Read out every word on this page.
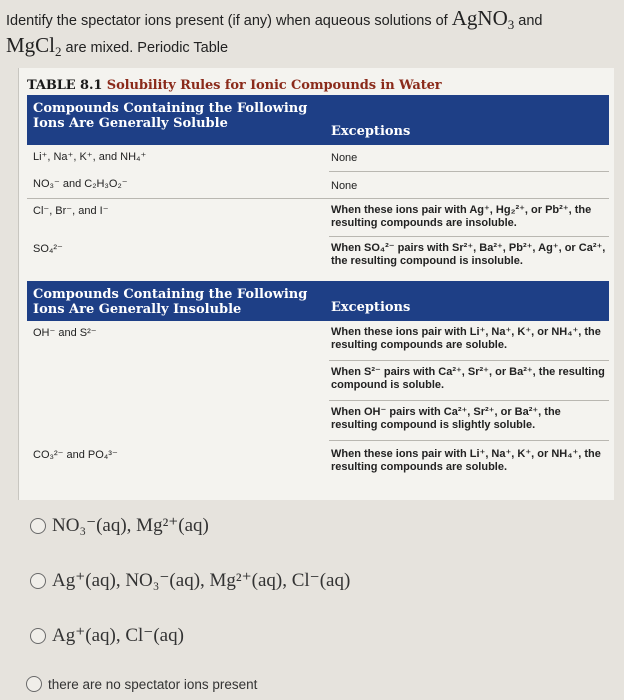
Identify the spectator ions present (if any) when aqueous solutions of AgNO$_3$ and
MgCl$_2$ are mixed. Periodic Table
TABLE 8.1 Solubility Rules for Ionic Compounds in Water
Compounds Containing the Following
Ions Are Generally Soluble
Exceptions
Li⁺, Na⁺, K⁺, and NH₄⁺	None
NO₃⁻ and C₂H₃O₂⁻	None
Cl⁻, Br⁻, and I⁻	When these ions pair with Ag⁺, Hg₂²⁺, or Pb²⁺, the resulting compounds are insoluble.
SO₄²⁻	When SO₄²⁻ pairs with Sr²⁺, Ba²⁺, Pb²⁺, Ag⁺, or Ca²⁺, the resulting compound is insoluble.
Compounds Containing the Following
Ions Are Generally Insoluble	Exceptions
OH⁻ and S²⁻	When these ions pair with Li⁺, Na⁺, K⁺, or NH₄⁺, the resulting compounds are soluble.
When S²⁻ pairs with Ca²⁺, Sr²⁺, or Ba²⁺, the resulting compound is soluble.
When OH⁻ pairs with Ca²⁺, Sr²⁺, or Ba²⁺, the resulting compound is slightly soluble.
CO₃²⁻ and PO₄³⁻	When these ions pair with Li⁺, Na⁺, K⁺, or NH₄⁺, the resulting compounds are soluble.
NO₃⁻(aq), Mg²⁺(aq)
Ag⁺(aq), NO₃⁻(aq), Mg²⁺(aq), Cl⁻(aq)
Ag⁺(aq), Cl⁻(aq)
there are no spectator ions present
